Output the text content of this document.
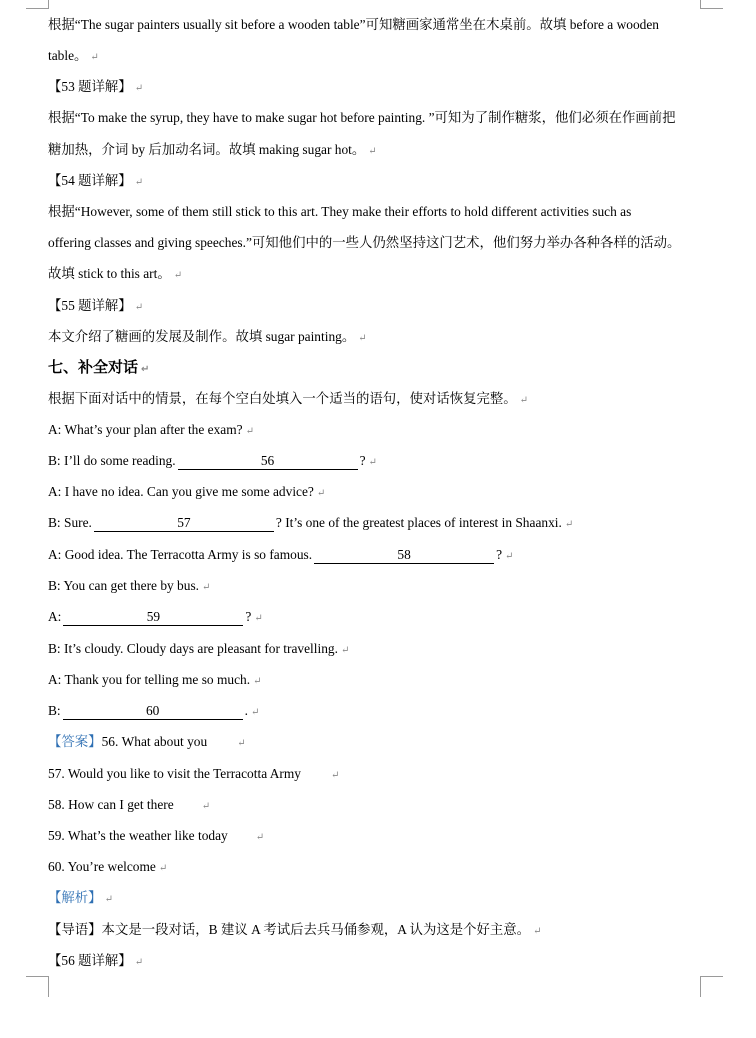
根据“The sugar painters usually sit before a wooden table”可知糖画家通常坐在木桌前。故填 before a wooden
table。 ↵
【53 题详解】 ↵
根据“To make the syrup, they have to make sugar hot before painting. ”可知为了制作糖浆，他们必须在作画前把
糖加热，介词 by 后加动名词。故填 making sugar hot。 ↵
【54 题详解】 ↵
根据“However, some of them still stick to this art. They make their efforts to hold different activities such as
offering classes and giving speeches.”可知他们中的一些人仍然坚持这门艺术，他们努力举办各种各样的活动。
故填 stick to this art。 ↵
【55 题详解】 ↵
本文介绍了糖画的发展及制作。故填 sugar painting。 ↵
七、补全对话 ↵
根据下面对话中的情景，在每个空白处填入一个适当的语句，使对话恢复完整。 ↵
A: What’s your plan after the exam? ↵
B: I’ll do some reading.	56	? ↵
A: I have no idea. Can you give me some advice? ↵
B: Sure.	57	? It’s one of the greatest places of interest in Shaanxi. ↵
A: Good idea. The Terracotta Army is so famous.	58	? ↵
B: You can get there by bus. ↵
A:	59	? ↵
B: It’s cloudy. Cloudy days are pleasant for travelling. ↵
A: Thank you for telling me so much. ↵
B:	60	. ↵
【答案】56. What about you	↵
57. Would you like to visit the Terracotta Army	↵
58. How can I get there	↵
59. What’s the weather like today	↵
60. You’re welcome ↵
【解析】 ↵
【导语】本文是一段对话，B 建议 A 考试后去兵马俑参观，A 认为这是个好主意。 ↵
【56 题详解】 ↵
